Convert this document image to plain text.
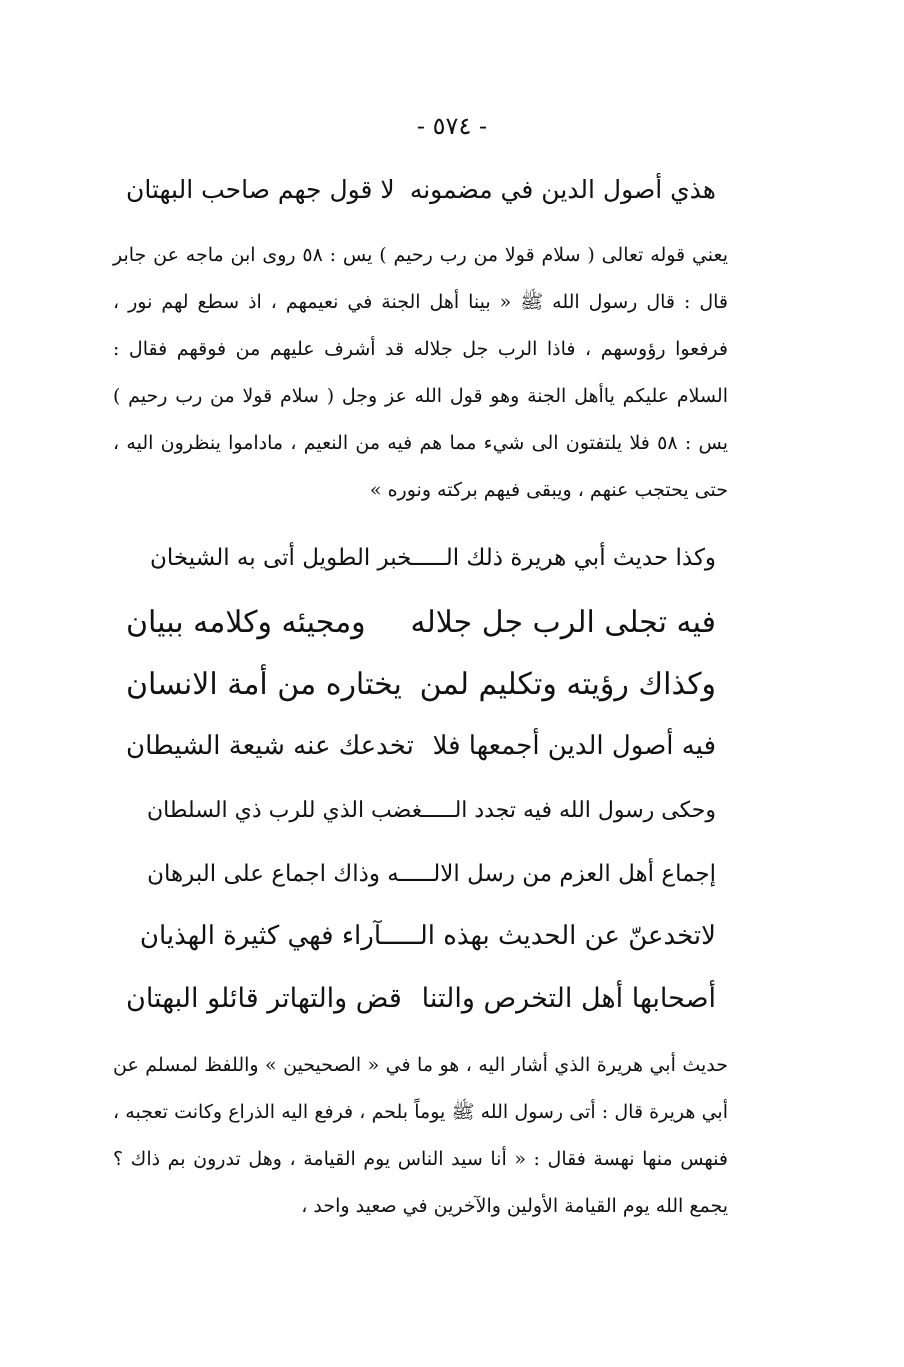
- ٥٧٤ -
هذي أصول الدين في مضمونه
لا قول جهم صاحب البهتان

يعني قوله تعالى ( سلام قولا من رب رحيم ) يس : ٥٨ روى ابن ماجه عن جابر قال : قال رسول الله ﷺ « بينا أهل الجنة في نعيمهم ، اذ سطع لهم نور ، فرفعوا رؤوسهم ، فاذا الرب جل جلاله قد أشرف عليهم من فوقهم فقال : السلام عليكم ياأهل الجنة وهو قول الله عز وجل ( سلام قولا من رب رحيم ) يس : ٥٨ فلا يلتفتون الى شيء مما هم فيه من النعيم ، ماداموا ينظرون اليه ، حتى يحتجب عنهم ، ويبقى فيهم بركته ونوره »

وكذا حديث أبي هريرة ذلك الـــــخبر الطويل أتى به الشيخان
فيه تجلى الرب جل جلاله
ومجيئه وكلامه ببيان
وكذاك رؤيته وتكليم لمن
يختاره من أمة الانسان
فيه أصول الدين أجمعها فلا
تخدعك عنه شيعة الشيطان
وحكى رسول الله فيه تجدد الـــــغضب الذي للرب ذي السلطان
إجماع أهل العزم من رسل الالـــــه وذاك اجماع على البرهان
لاتخدعنّ عن الحديث بهذه الـــــآراء فهي كثيرة الهذيان
أصحابها أهل التخرص والتنا
قض والتهاتر قائلو البهتان

حديث أبي هريرة الذي أشار اليه ، هو ما في « الصحيحين » واللفظ لمسلم عن أبي هريرة قال : أتى رسول الله ﷺ يوماً بلحم ، فرفع اليه الذراع وكانت تعجبه ، فنهس منها نهسة فقال : « أنا سيد الناس يوم القيامة ، وهل تدرون بم ذاك ؟ يجمع الله يوم القيامة الأولين والآخرين في صعيد واحد ،
